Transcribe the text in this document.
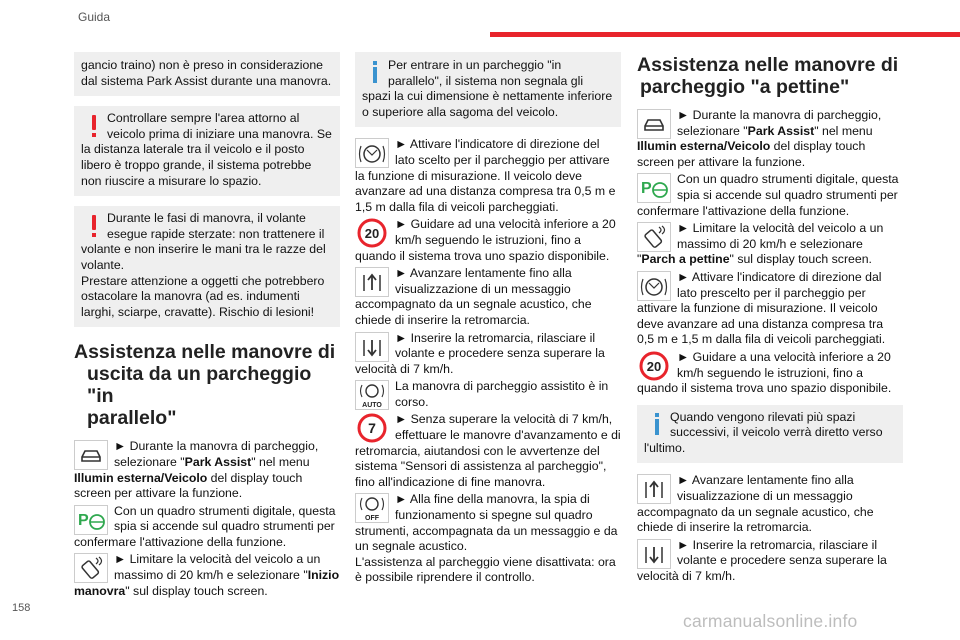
Guida
gancio traino) non è preso in considerazione dal sistema Park Assist durante una manovra.
Controllare sempre l'area attorno al veicolo prima di iniziare una manovra. Se la distanza laterale tra il veicolo e il posto libero è troppo grande, il sistema potrebbe non riuscire a misurare lo spazio.
Durante le fasi di manovra, il volante esegue rapide sterzate: non trattenere il volante e non inserire le mani tra le razze del volante.
Prestare attenzione a oggetti che potrebbero ostacolare la manovra (ad es. indumenti larghi, sciarpe, cravatte). Rischio di lesioni!
Assistenza nelle manovre di
uscita da un parcheggio "in
parallelo"
► Durante la manovra di parcheggio, selezionare "Park Assist" nel menu Illumin esterna/Veicolo del display touch screen per attivare la funzione.
P
Con un quadro strumenti digitale, questa spia si accende sul quadro strumenti per confermare l'attivazione della funzione.
► Limitare la velocità del veicolo a un massimo di 20 km/h e selezionare "Inizio manovra" sul display touch screen.
Per entrare in un parcheggio "in parallelo", il sistema non segnala gli spazi la cui dimensione è nettamente inferiore o superiore alla sagoma del veicolo.
► Attivare l'indicatore di direzione del lato scelto per il parcheggio per attivare la funzione di misurazione. Il veicolo deve avanzare ad una distanza compresa tra 0,5 m e 1,5 m dalla fila di veicoli parcheggiati.
20
► Guidare ad una velocità inferiore a 20 km/h seguendo le istruzioni, fino a quando il sistema trova uno spazio disponibile.
► Avanzare lentamente fino alla visualizzazione di un messaggio accompagnato da un segnale acustico, che chiede di inserire la retromarcia.
► Inserire la retromarcia, rilasciare il volante e procedere senza superare la velocità di 7 km/h.
AUTO
La manovra di parcheggio assistito è in corso.
7
► Senza superare la velocità di 7 km/h, effettuare le manovre d'avanzamento e di retromarcia, aiutandosi con le avvertenze del sistema "Sensori di assistenza al parcheggio", fino all'indicazione di fine manovra.
OFF
► Alla fine della manovra, la spia di funzionamento si spegne sul quadro strumenti, accompagnata da un messaggio e da un segnale acustico.
L'assistenza al parcheggio viene disattivata: ora è possibile riprendere il controllo.
Assistenza nelle manovre di
parcheggio "a pettine"
► Durante la manovra di parcheggio, selezionare "Park Assist" nel menu Illumin esterna/Veicolo del display touch screen per attivare la funzione.
P
Con un quadro strumenti digitale, questa spia si accende sul quadro strumenti per confermare l'attivazione della funzione.
► Limitare la velocità del veicolo a un massimo di 20 km/h e selezionare "Parch a pettine" sul display touch screen.
► Attivare l'indicatore di direzione dal lato prescelto per il parcheggio per attivare la funzione di misurazione. Il veicolo deve avanzare ad una distanza compresa tra 0,5 m e 1,5 m dalla fila di veicoli parcheggiati.
20
► Guidare a una velocità inferiore a 20 km/h seguendo le istruzioni, fino a quando il sistema trova uno spazio disponibile.
Quando vengono rilevati più spazi successivi, il veicolo verrà diretto verso l'ultimo.
► Avanzare lentamente fino alla visualizzazione di un messaggio accompagnato da un segnale acustico, che chiede di inserire la retromarcia.
► Inserire la retromarcia, rilasciare il volante e procedere senza superare la velocità di 7 km/h.
158
carmanualsonline.info
